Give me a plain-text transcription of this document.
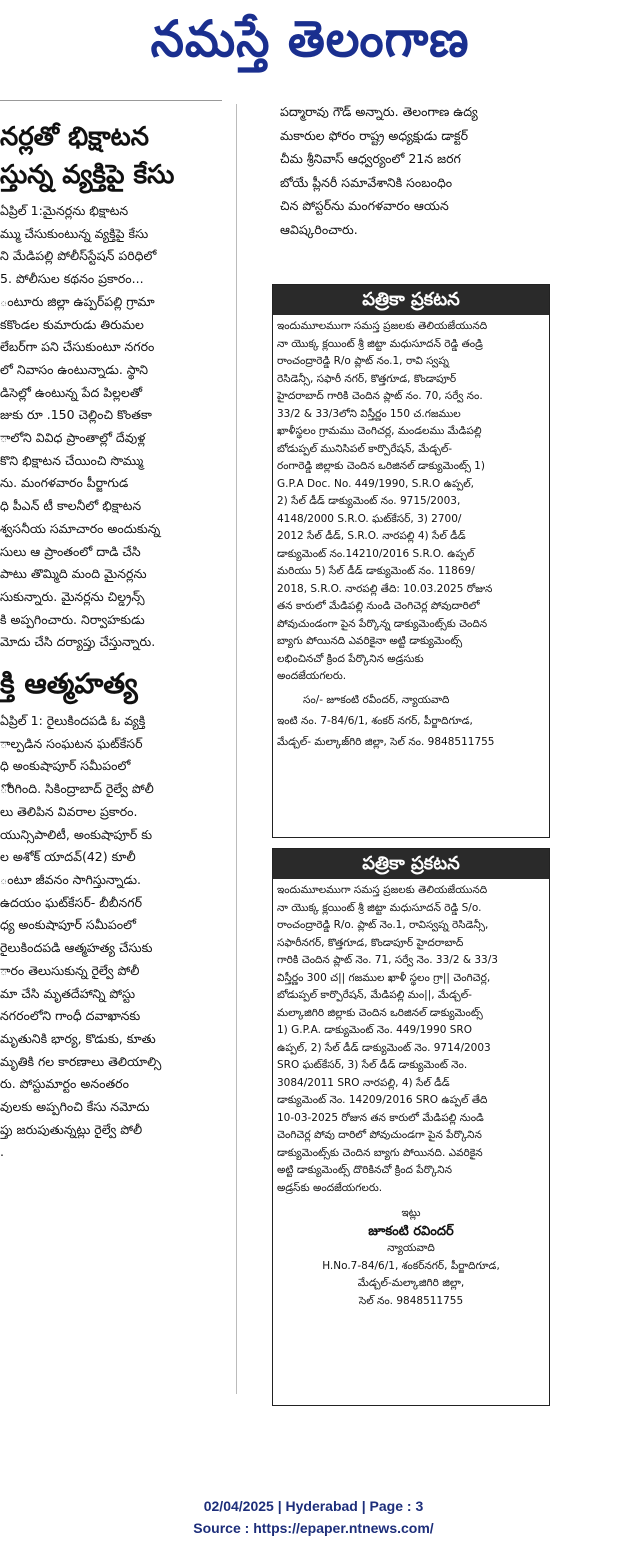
నమస్తే తెలంగాణ

నర్లతో భిక్షాటన

స్తున్న వ్యక్తిపై కేసు

ఏప్రిల్ 1:మైనర్లను భిక్షాటన

మ్ము చేసుకుంటున్న వ్యక్తిపై కేసు

ని మేడిపల్లి పోలీస్‌స్టేషన్ పరిధిలో

5. పోలీసుల కథనం ప్రకారం...

ంటూరు జిల్లా ఉప్పర్‌పల్లి గ్రామా

కకొండల కుమారుడు తిరుమల

లేబర్‌గా పని చేసుకుంటూ నగరం

లో నివాసం ఉంటున్నాడు. స్థాని

డిసెల్లో ఉంటున్న పేద పిల్లలతో

జుకు రూ .150 చెల్లించి కొంతకా

ాలోని వివిధ ప్రాంతాల్లో దేవుళ్ల

కొని భిక్షాటన చేయించి సొమ్ము

ను. మంగళవారం పీర్జాగుడ

ధి పీఎన్ టీ కాలనీలో భిక్షాటన

శ్వసనీయ సమాచారం అందుకున్న

సులు ఆ ప్రాంతంలో దాడి చేసి

పాటు తొమ్మిది మంది మైనర్లను

సుకున్నారు. మైనర్లను చిల్డ్రన్స్

కి అప్పగించారు. నిర్వాహకుడు

మోదు చేసి దర్యాప్తు చేస్తున్నారు.

క్తి ఆత్మహత్య

ఏప్రిల్ 1: రైలుకిందపడి ఓ వ్యక్తి

ాల్పడిన సంఘటన ఘట్‌కేసర్

ధి అంకుషాపూర్ సమీపంలో

ోరిగింది. సికింద్రాబాద్ రైల్వే పోలీ

లు తెలిపిన వివరాల ప్రకారం.

యున్సిపాలిటీ, అంకుషాపూర్ కు

ల అశోక్ యాదవ్(42) కూలీ

ంటూ జీవనం సాగిస్తున్నాడు.

ఉదయం ఘట్‌కేసర్- బీబీనగర్

ధ్య అంకుషాపూర్ సమీపంలో

రైలుకిందపడి ఆత్మహత్య చేసుకు

ారం తెలుసుకున్న రైల్వే పోలీ

మా చేసి మృతదేహాన్ని పోస్టు

నగరంలోని గాంధీ దవాఖానకు

మృతునికి భార్య, కొడుకు, కూతు

మృతికి గల కారణాలు తెలియాల్సి

రు. పోస్టుమార్టం అనంతరం

వులకు అప్పగించి కేసు నమోదు

ప్తు జరుపుతున్నట్లు రైల్వే పోలీ

.

పద్మారావు గౌడ్ అన్నారు. తెలంగాణ ఉద్య

మకారుల ఫోరం రాష్ట్ర అధ్యక్షుడు డాక్టర్

చీమ శ్రీనివాస్ ఆధ్వర్యంలో 21న జరగ

బోయే ప్లీనరీ సమావేశానికి సంబంధిం

చిన పోస్టర్‌ను మంగళవారం ఆయన

ఆవిష్కరించారు.

పత్రికా ప్రకటన
ఇందుమూలముగా సమస్త ప్రజలకు తెలియజేయునది
నా యొక్క క్లయింట్ శ్రీ జిట్టా మధుసూదన్ రెడ్డి తండ్రి
రాంచంద్రారెడ్డి R/o ప్లాట్ నం.1, రావి స్వప్న
రెసిడెన్సీ, సఫారీ నగర్, కొత్తగూడ, కొండాపూర్
హైదరాబాద్ గారికి చెందిన ప్లాట్ నం. 70, సర్వే నం.
33/2 & 33/3లోని విస్తీర్ణం 150 చ.గజముల
ఖాళీస్థలం గ్రామము చెంగిచర్ల, మండలము మేడిపల్లి
బోడుప్పల్ మునిసిపల్ కార్పొరేషన్, మేడ్చల్-
రంగారెడ్డి జిల్లాకు చెందిన ఒరిజినల్ డాక్యుమెంట్స్ 1)
G.P.A Doc. No. 449/1990, S.R.O ఉప్పల్,
2) సేల్ డీడ్ డాక్యుమెంట్ నం. 9715/2003,
4148/2000 S.R.O. ఘట్‌కేసర్, 3) 2700/
2012 సేల్ డీడ్, S.R.O. నారపల్లి 4) సేల్ డీడ్
డాక్యుమెంట్ నం.14210/2016 S.R.O. ఉప్పల్
మరియు 5) సేల్ డీడ్ డాక్యుమెంట్ నం. 11869/
2018, S.R.O. నారపల్లి తేది: 10.03.2025 రోజున
తన కారులో మేడిపల్లి నుండి చెంగిచెర్ల పోవుదారిలో
పోవుచుండంగా పైన పేర్కొన్న డాక్యుమెంట్స్‌కు చెందిన
బ్యాగు పోయినది ఎవరికైనా అట్టి డాక్యుమెంట్స్
లభించినచో క్రింద పేర్కొనిన అడ్రసుకు
అందజేయగలరు.
సం/- జూకంటి రవీందర్, న్యాయవాది
ఇంటి నం. 7-84/6/1, శంకర్ నగర్, పీర్జాదిగూడ,
మేడ్చల్- మల్కాజ్‌గిరి జిల్లా, సెల్ నం. 9848511755
పత్రికా ప్రకటన
ఇందుమూలముగా సమస్త ప్రజలకు తెలియజేయునది
నా యొక్క క్లయింట్ శ్రీ జిట్టా మధుసూదన్ రెడ్డి S/o.
రాంచంద్రారెడ్డి R/o. ప్లాట్ నెం.1, రావిస్వప్న రెసిడెన్సీ,
సఫారీనగర్, కొత్తగూడ, కొండాపూర్ హైదరాబాద్
గారికి చెందిన ప్లాట్ నెం. 71, సర్వే నెం. 33/2 & 33/3
విస్తీర్ణం 300 చ|| గజముల ఖాళీ స్థలం గ్రా|| చెంగిచెర్ల,
బోడుప్పల్ కార్పొరేషన్, మేడిపల్లి మం||, మేడ్చల్-
మల్కాజిగిరి జిల్లాకు చెందిన ఒరిజినల్ డాక్యుమెంట్స్
1) G.P.A. డాక్యుమెంట్ నెం. 449/1990 SRO
ఉప్పల్, 2) సేల్ డీడ్ డాక్యుమెంట్ నెం. 9714/2003
SRO ఘట్‌కేసర్, 3) సేల్ డీడ్ డాక్యుమెంట్ నెం.
3084/2011 SRO నారపల్లి, 4) సేల్ డీడ్
డాక్యుమెంట్ నెం. 14209/2016 SRO ఉప్పల్ తేది
10-03-2025 రోజున తన కారులో మేడిపల్లి నుండి
చెంగిచెర్ల పోవు దారిలో పోవుచుండగా పైన పేర్కొనిన
డాక్యుమెంట్స్‌కు చెందిన బ్యాగు పోయినది. ఎవరికైన
అట్టి డాక్యుమెంట్స్ దొరికినచో క్రింద పేర్కొనిన
అడ్రస్‌కు అందజేయగలరు.
ఇట్లు
జూకంటి రవిందర్
న్యాయవాది
H.No.7-84/6/1, శంకర్‌నగర్, పీర్జాదిగూడ,
మేడ్చల్-మల్కాజిగిరి జిల్లా,
సెల్ నం. 9848511755
02/04/2025 | Hyderabad | Page : 3
Source : https://epaper.ntnews.com/
